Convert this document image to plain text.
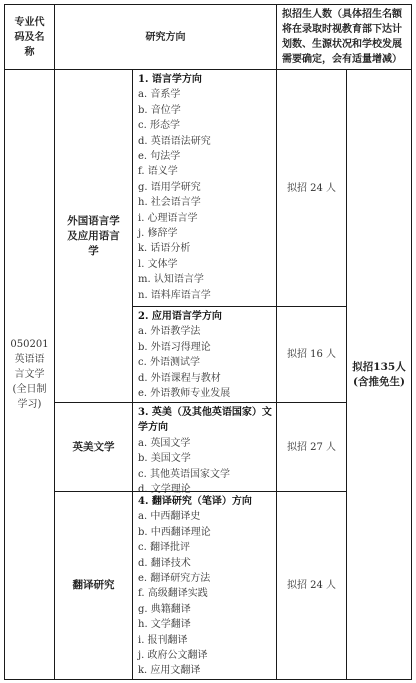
专业代码及名称
研究方向
拟招生人数（具体招生名额将在录取时视教育部下达计划数、生源状况和学校发展需要确定，会有适量增减）
050201
英语语言文学(全日制学习)
外国语言学及应用语言学
英美文学
翻译研究
1. 语言学方向
a. 音系学
b. 音位学
c. 形态学
d. 英语语法研究
e. 句法学
f. 语义学
g. 语用学研究
h. 社会语言学
i. 心理语言学
j. 修辞学
k. 话语分析
l. 文体学
m. 认知语言学
n. 语料库语言学
拟招 24 人
2. 应用语言学方向
a. 外语教学法
b. 外语习得理论
c. 外语测试学
d. 外语课程与教材
e. 外语教师专业发展
拟招 16 人
3. 英美（及其他英语国家）文学方向
a. 英国文学
b. 美国文学
c. 其他英语国家文学
d. 文学理论
拟招 27 人
4. 翻译研究（笔译）方向
a. 中西翻译史
b. 中西翻译理论
c. 翻译批评
d. 翻译技术
e. 翻译研究方法
f. 高级翻译实践
g. 典籍翻译
h. 文学翻译
i. 报刊翻译
j. 政府公文翻译
k. 应用文翻译
拟招 24 人
拟招135人(含推免生)
